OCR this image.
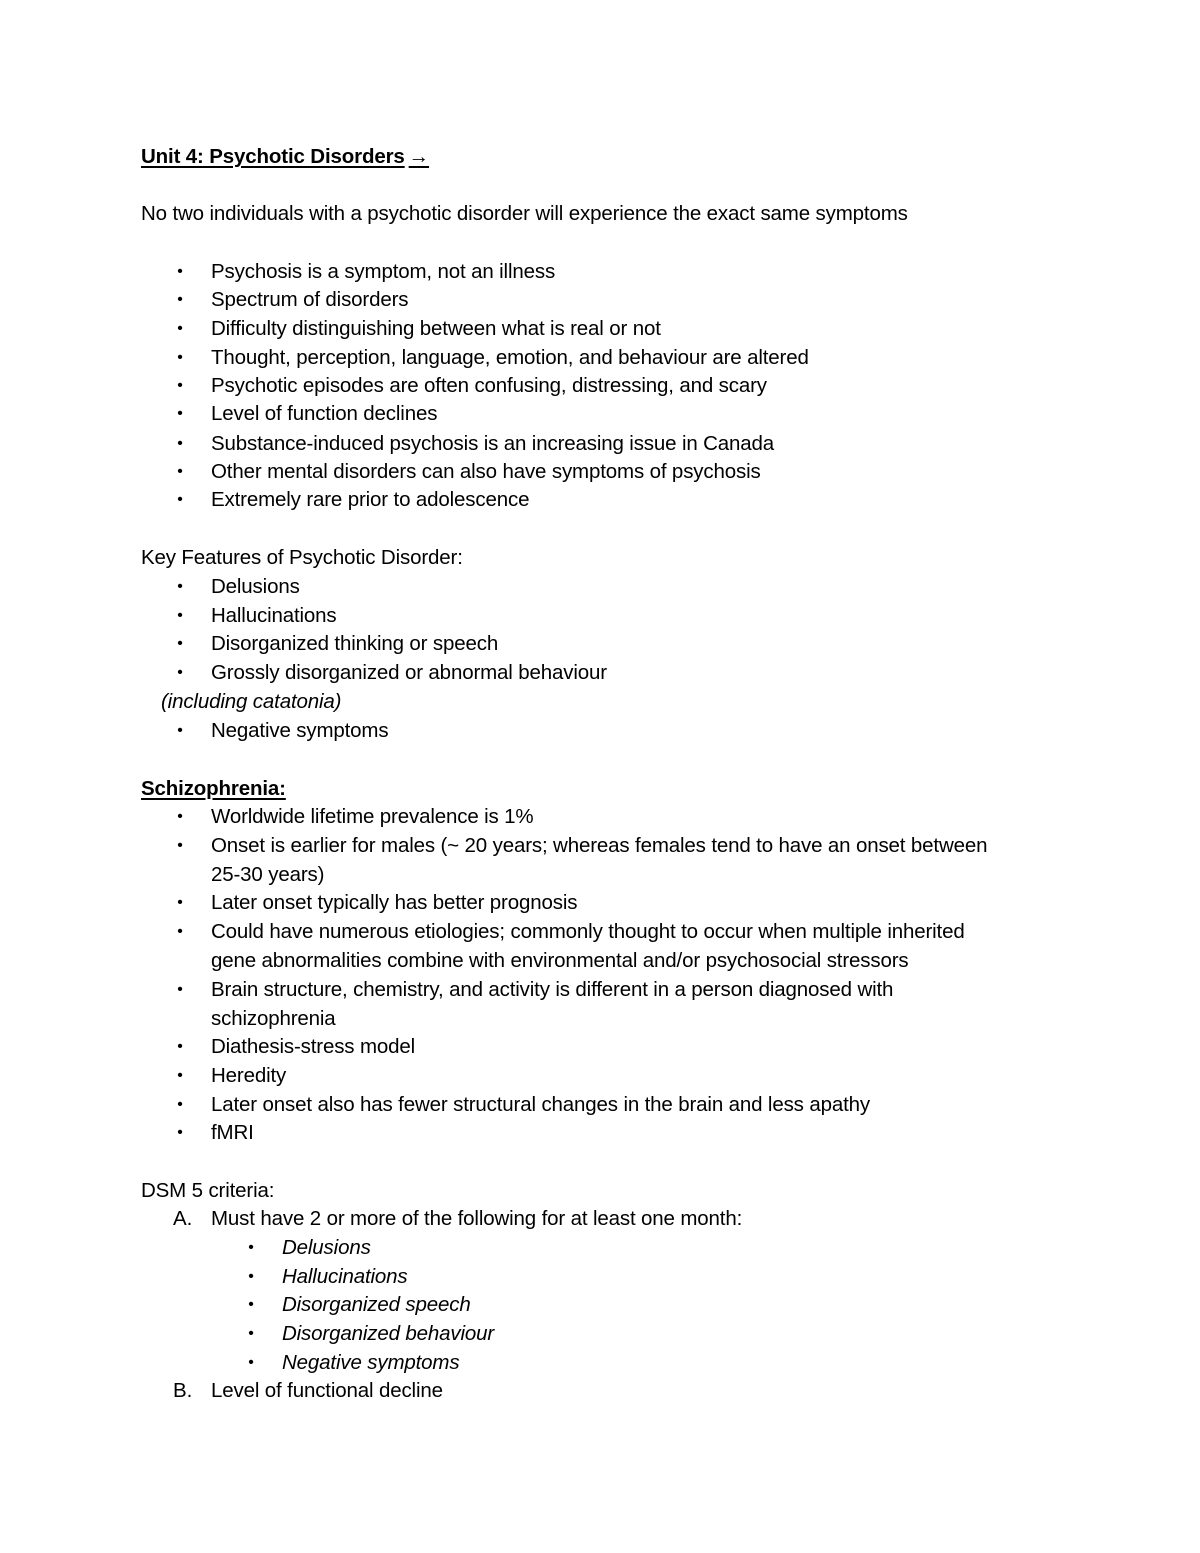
Unit 4: Psychotic Disorders →
No two individuals with a psychotic disorder will experience the exact same symptoms
• Psychosis is a symptom, not an illness
• Spectrum of disorders
• Difficulty distinguishing between what is real or not
• Thought, perception, language, emotion, and behaviour are altered
• Psychotic episodes are often confusing, distressing, and scary
• Level of function declines
• Substance-induced psychosis is an increasing issue in Canada
• Other mental disorders can also have symptoms of psychosis
• Extremely rare prior to adolescence
Key Features of Psychotic Disorder:
• Delusions
• Hallucinations
• Disorganized thinking or speech
• Grossly disorganized or abnormal behaviour
(including catatonia)
• Negative symptoms
Schizophrenia:
• Worldwide lifetime prevalence is 1%
• Onset is earlier for males (~ 20 years; whereas females tend to have an onset between
25-30 years)
• Later onset typically has better prognosis
• Could have numerous etiologies; commonly thought to occur when multiple inherited
gene abnormalities combine with environmental and/or psychosocial stressors
• Brain structure, chemistry, and activity is different in a person diagnosed with
schizophrenia
• Diathesis-stress model
• Heredity
• Later onset also has fewer structural changes in the brain and less apathy
• fMRI
DSM 5 criteria:
A. Must have 2 or more of the following for at least one month:
• Delusions
• Hallucinations
• Disorganized speech
• Disorganized behaviour
• Negative symptoms
B. Level of functional decline
